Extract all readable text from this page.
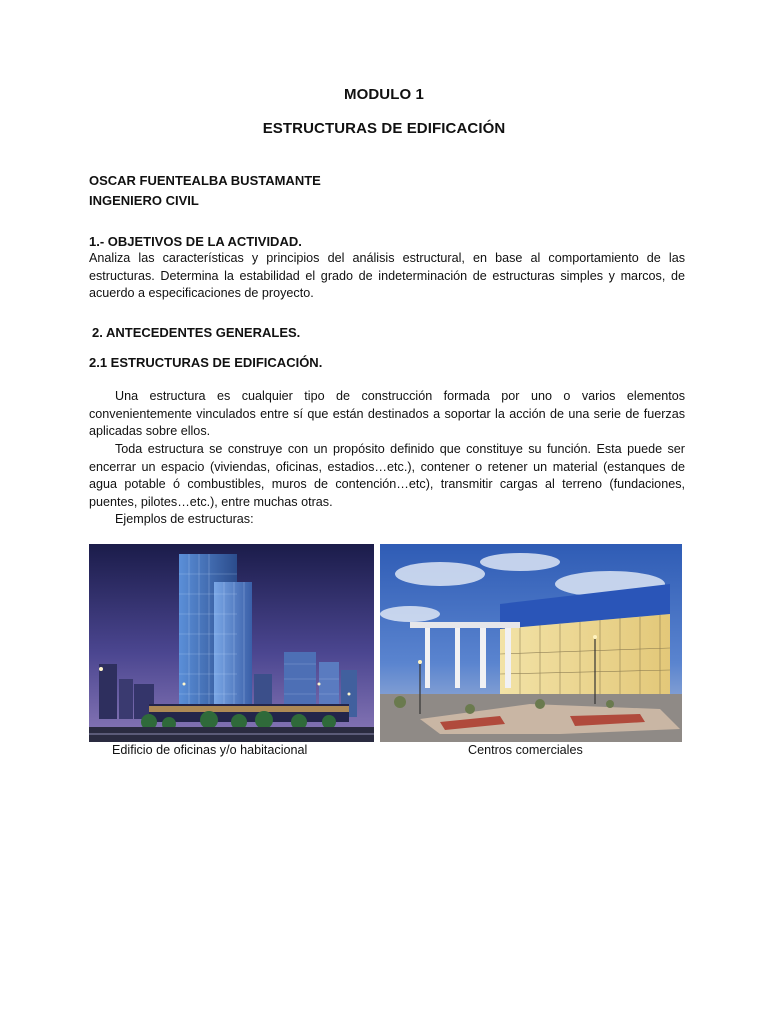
MODULO 1
ESTRUCTURAS DE EDIFICACIÓN
OSCAR FUENTEALBA BUSTAMANTE
INGENIERO CIVIL
1.- OBJETIVOS DE LA ACTIVIDAD.
Analiza las características y principios del análisis estructural, en base al comportamiento de las estructuras. Determina la estabilidad el grado de indeterminación de estructuras simples y marcos, de acuerdo a especificaciones de proyecto.
2. ANTECEDENTES GENERALES.
2.1 ESTRUCTURAS DE EDIFICACIÓN.
Una estructura es cualquier tipo de construcción formada por uno o varios elementos convenientemente vinculados entre sí que están destinados a soportar la acción de una serie de fuerzas aplicadas sobre ellos.
Toda estructura se construye con un propósito definido que constituye su función. Esta puede ser encerrar un espacio (viviendas, oficinas, estadios…etc.), contener o retener un material (estanques de agua potable ó combustibles, muros de contención…etc), transmitir cargas al terreno (fundaciones, puentes, pilotes…etc.), entre muchas otras.
Ejemplos de estructuras:
Edificio de oficinas y/o habitacional	Centros comerciales
